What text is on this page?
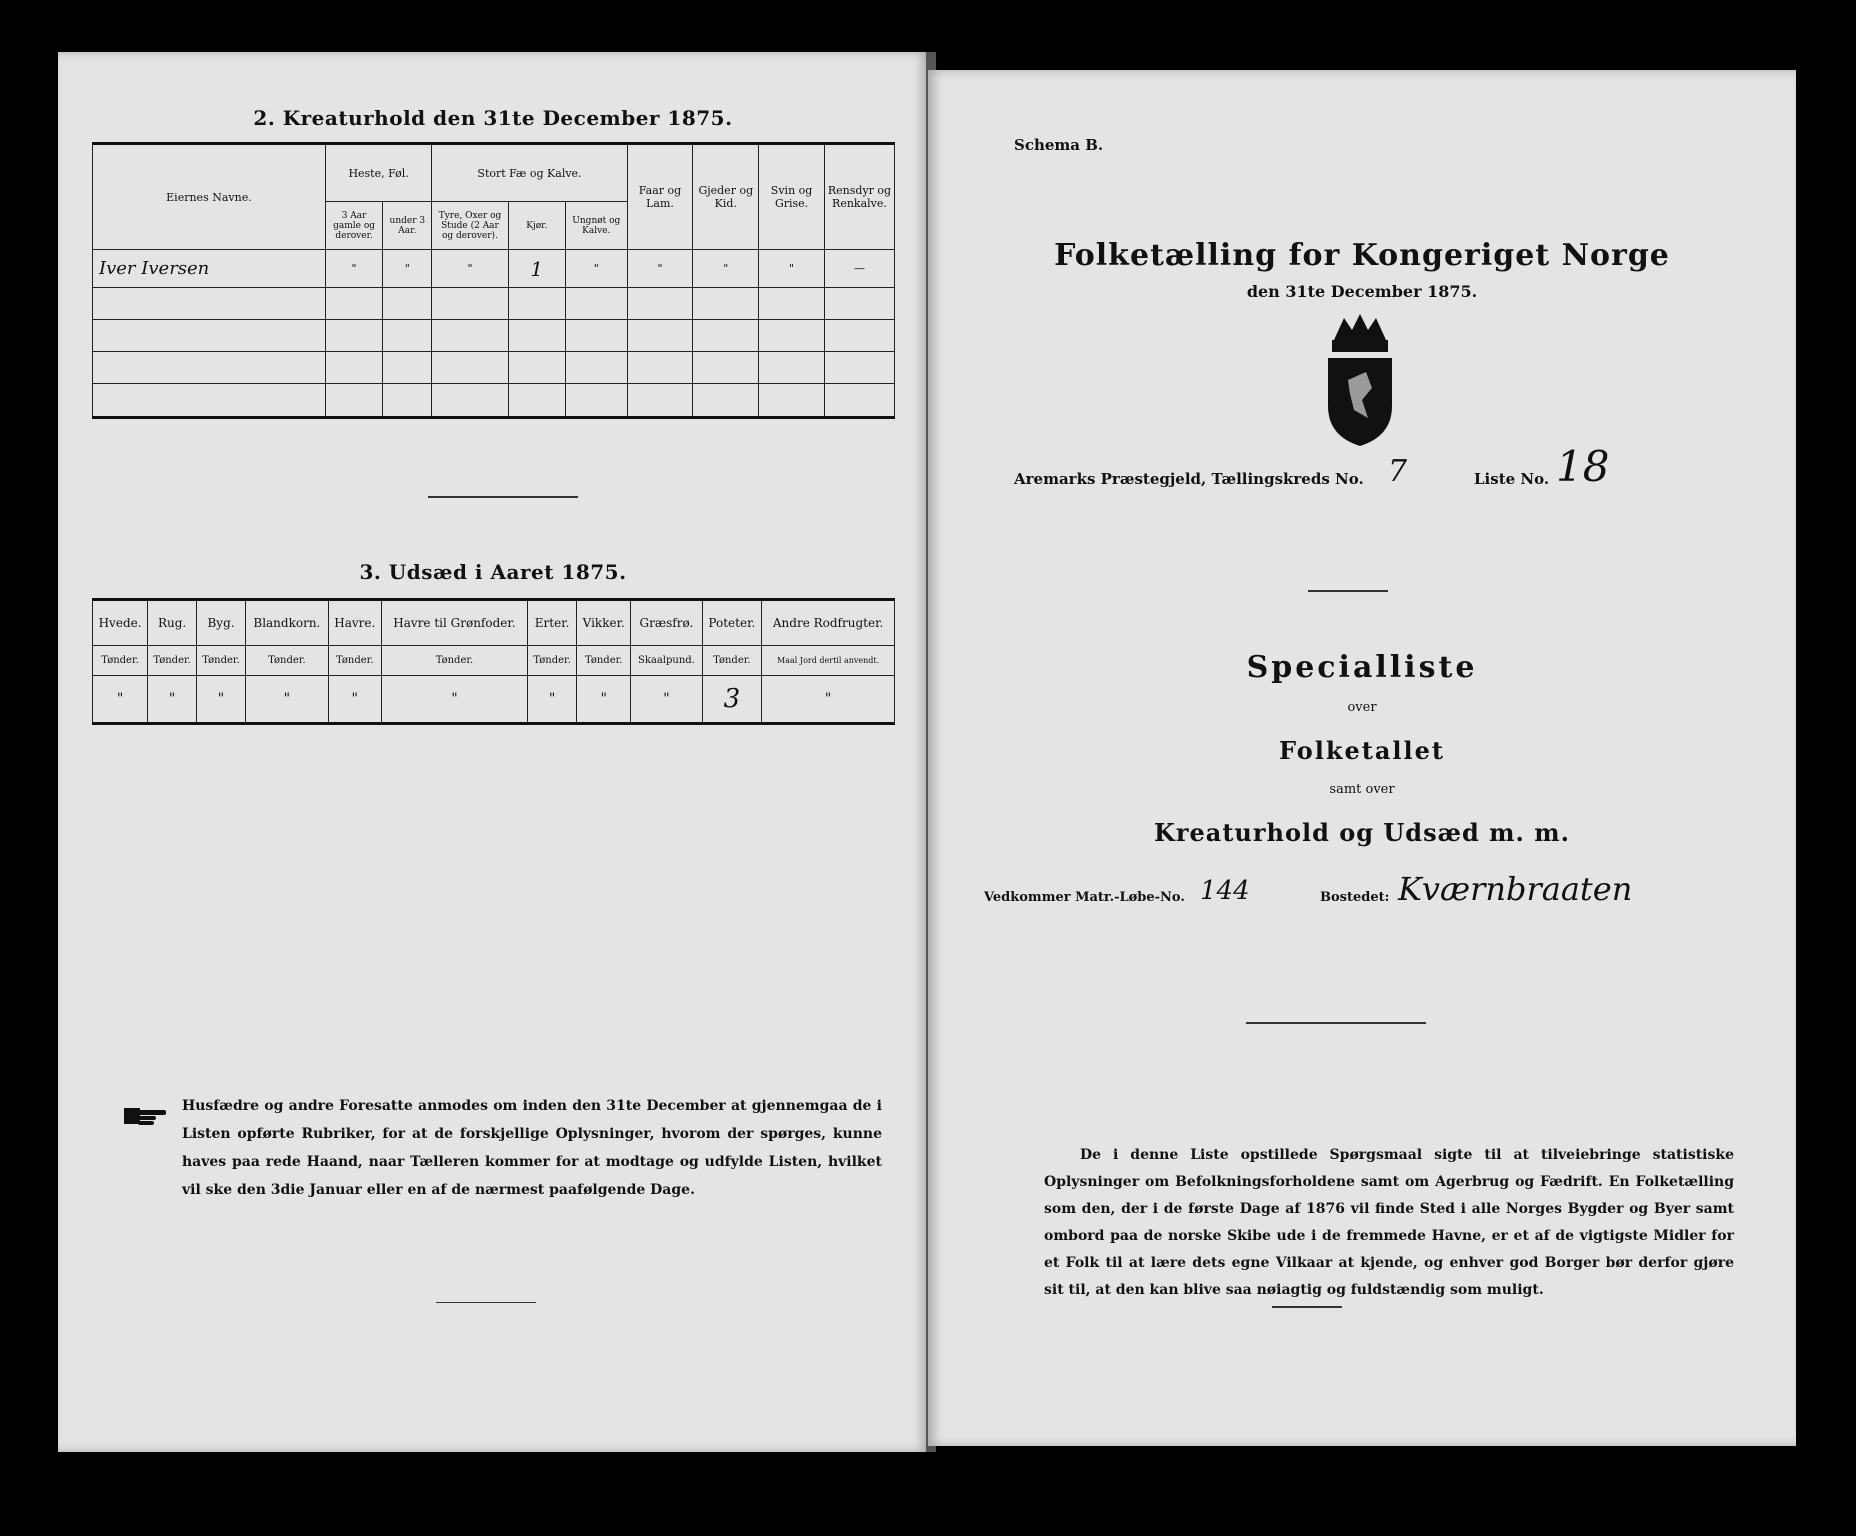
2. Kreaturhold den 31te December 1875.
Eiernes Navne.	Heste, Føl.		Stort Fæ og Kalve.			Faar og Lam.	Gjeder og Kid.	Svin og Grise.	Rensdyr og Renkalve.
	3 Aar gamle og derover.	under 3 Aar.	Tyre, Oxer og Stude (2 Aar og derover).	Kjør.	Ungnøt og Kalve.				
Iver Iversen	"	"	"	1	"	"	"	"	—

3. Udsæd i Aaret 1875.
Hvede.	Rug.	Byg.	Blandkorn.	Havre.	Havre til Grønfoder.	Erter.	Vikker.	Græsfrø.	Poteter.	Andre Rodfrugter.
Tønder.	Tønder.	Tønder.	Tønder.	Tønder.	Tønder.	Tønder.	Tønder.	Skaalpund.	Tønder.	Maal Jord dertil anvendt.
"	"	"	"	"	"	"	"	"	3	"
Husfædre og andre Foresatte anmodes om inden den 31te December at gjennemgaa de i Listen opførte Rubriker, for at de forskjellige Oplysninger, hvorom der spørges, kunne haves paa rede Haand, naar Tælleren kommer for at modtage og udfylde Listen, hvilket vil ske den 3die Januar eller en af de nærmest paafølgende Dage.
Schema B.
Folketælling for Kongeriget Norge
den 31te December 1875.
Aremarks Præstegjeld, Tællingskreds No. 7	Liste No. 18
Specialliste
over
Folketallet
samt over
Kreaturhold og Udsæd m. m.
Vedkommer Matr.-Løbe-No. 144	Bostedet: Kværnbraaten
De i denne Liste opstillede Spørgsmaal sigte til at tilveiebringe statistiske Oplysninger om Befolkningsforholdene samt om Agerbrug og Fædrift. En Folketælling som den, der i de første Dage af 1876 vil finde Sted i alle Norges Bygder og Byer samt ombord paa de norske Skibe ude i de fremmede Havne, er et af de vigtigste Midler for et Folk til at lære dets egne Vilkaar at kjende, og enhver god Borger bør derfor gjøre sit til, at den kan blive saa nøiagtig og fuldstændig som muligt.
